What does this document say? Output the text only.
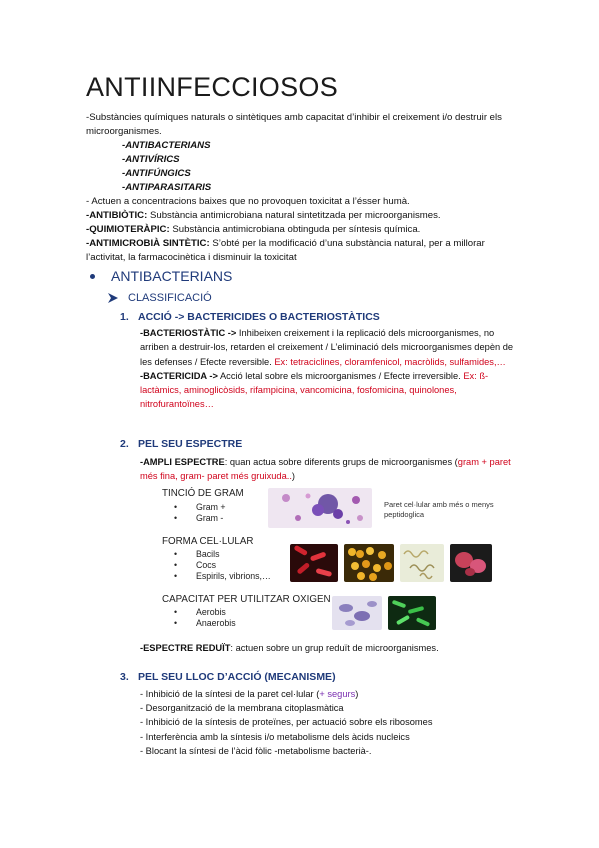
ANTIINFECCIOSOS

-Substàncies químiques naturals o sintètiques amb capacitat d’inhibir el creixement i/o destruir els microorganismes.

-ANTIBACTERIANS
-ANTIVÍRICS
-ANTIFÚNGICS
-ANTIPARASITARIS

- Actuen a concentracions baixes que no provoquen toxicitat a l’ésser humà.

-ANTIBIÒTIC: Substància antimicrobiana natural sintetitzada per microorganismes.

-QUIMIOTERÀPIC: Substància antimicrobiana obtinguda per síntesis química.

-ANTIMICROBIÀ SINTÈTIC: S’obté per la modificació d’una substància natural, per a millorar l’activitat, la farmacocinètica i disminuir la toxicitat

ANTIBACTERIANS
CLASSIFICACIÓ
1. ACCIÓ -> BACTERICIDES O BACTERIOSTÀTICS

-BACTERIOSTÀTIC -> Inhibeixen creixement i la replicació dels microorganismes, no arriben a destruir-los, retarden el creixement / L’eliminació dels microorganismes depèn de les defenses / Efecte reversible. Ex: tetraciclines, cloramfenicol, macròlids, sulfamides,…

-BACTERICIDA -> Acció letal sobre els microorganismes / Efecte irreversible. Ex: ß-lactàmics, aminoglicòsids, rifampicina, vancomicina, fosfomicina, quinolones, nitrofurantoïnes…

2. PEL SEU ESPECTRE

-AMPLI ESPECTRE: quan actua sobre diferents grups de microorganismes (gram + paret més fina, gram- paret més gruixuda..)

TINCIÓ DE GRAM
• Gram +
• Gram -
Paret cel·lular amb més o menys peptidoglica
FORMA CEL·LULAR
• Bacils
• Cocs
• Espirils, vibrions,…
CAPACITAT PER UTILITZAR OXIGEN
• Aerobis
• Anaerobis

-ESPECTRE REDUÏT: actuen sobre un grup reduït de microorganismes.

3. PEL SEU LLOC D’ACCIÓ (MECANISME)
- Inhibició de la síntesi de la paret cel·lular (+ segurs)
- Desorganització de la membrana citoplasmàtica
- Inhibició de la síntesis de proteïnes, per actuació sobre els ribosomes
- Interferència amb la síntesis i/o metabolisme dels àcids nucleics
- Blocant la síntesi de l’àcid fòlic -metabolisme bacterià-.
